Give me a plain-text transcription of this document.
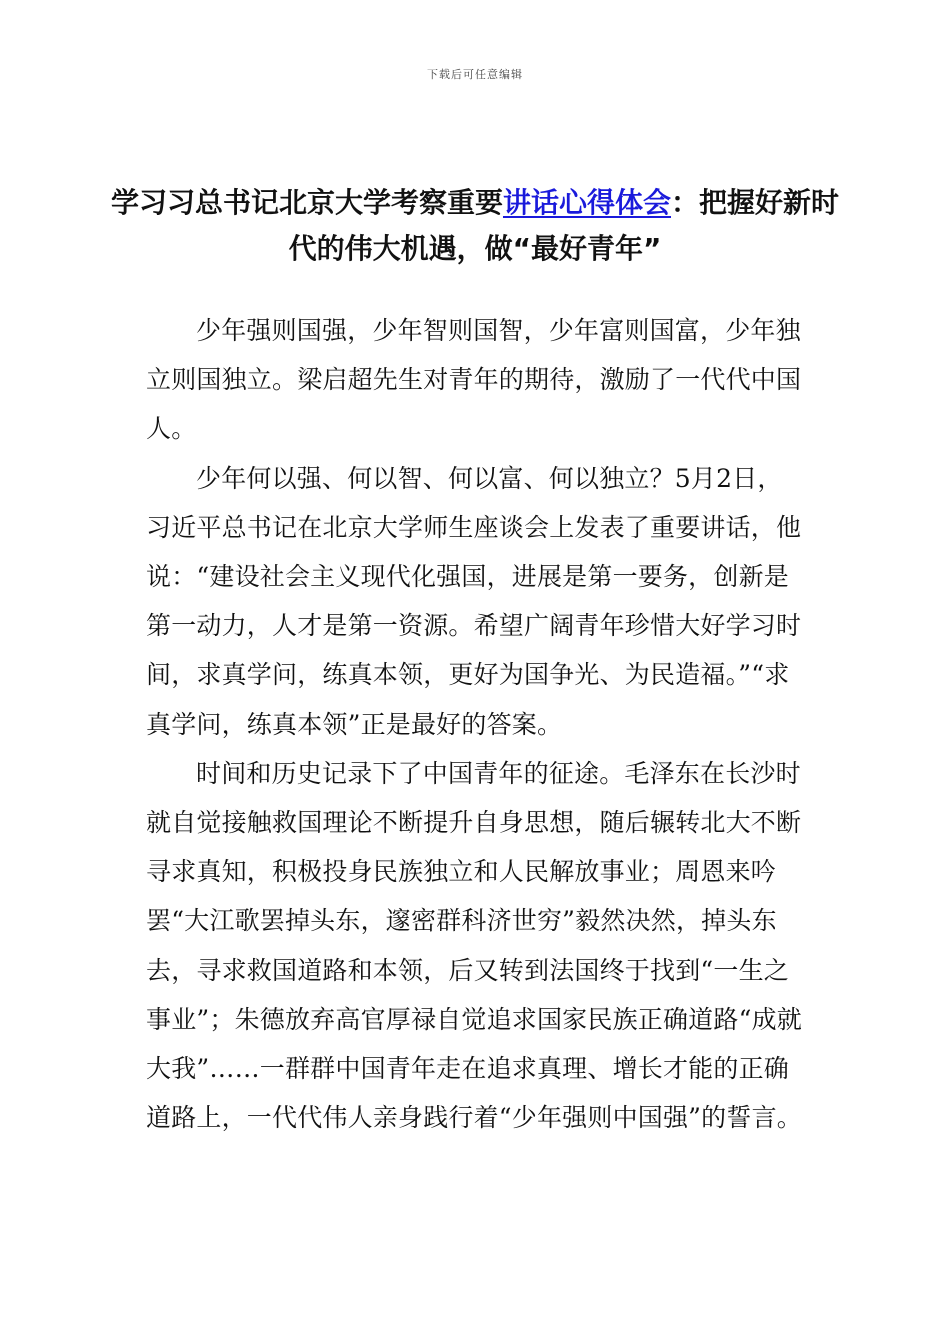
下载后可任意编辑
学习习总书记北京大学考察重要讲话心得体会：把握好新时代的伟大机遇，做“最好青年”

少年强则国强，少年智则国智，少年富则国富，少年独立则国独立。梁启超先生对青年的期待，激励了一代代中国人。

少年何以强、何以智、何以富、何以独立？5月2日，习近平总书记在北京大学师生座谈会上发表了重要讲话，他说：“建设社会主义现代化强国，进展是第一要务，创新是第一动力，人才是第一资源。希望广阔青年珍惜大好学习时间，求真学问，练真本领，更好为国争光、为民造福。”“求真学问，练真本领”正是最好的答案。

时间和历史记录下了中国青年的征途。毛泽东在长沙时就自觉接触救国理论不断提升自身思想，随后辗转北大不断寻求真知，积极投身民族独立和人民解放事业；周恩来吟罢“大江歌罢掉头东，邃密群科济世穷”毅然决然，掉头东去，寻求救国道路和本领，后又转到法国终于找到“一生之事业”；朱德放弃高官厚禄自觉追求国家民族正确道路“成就大我”……一群群中国青年走在追求真理、增长才能的正确道路上，一代代伟人亲身践行着“少年强则中国强”的誓言。
